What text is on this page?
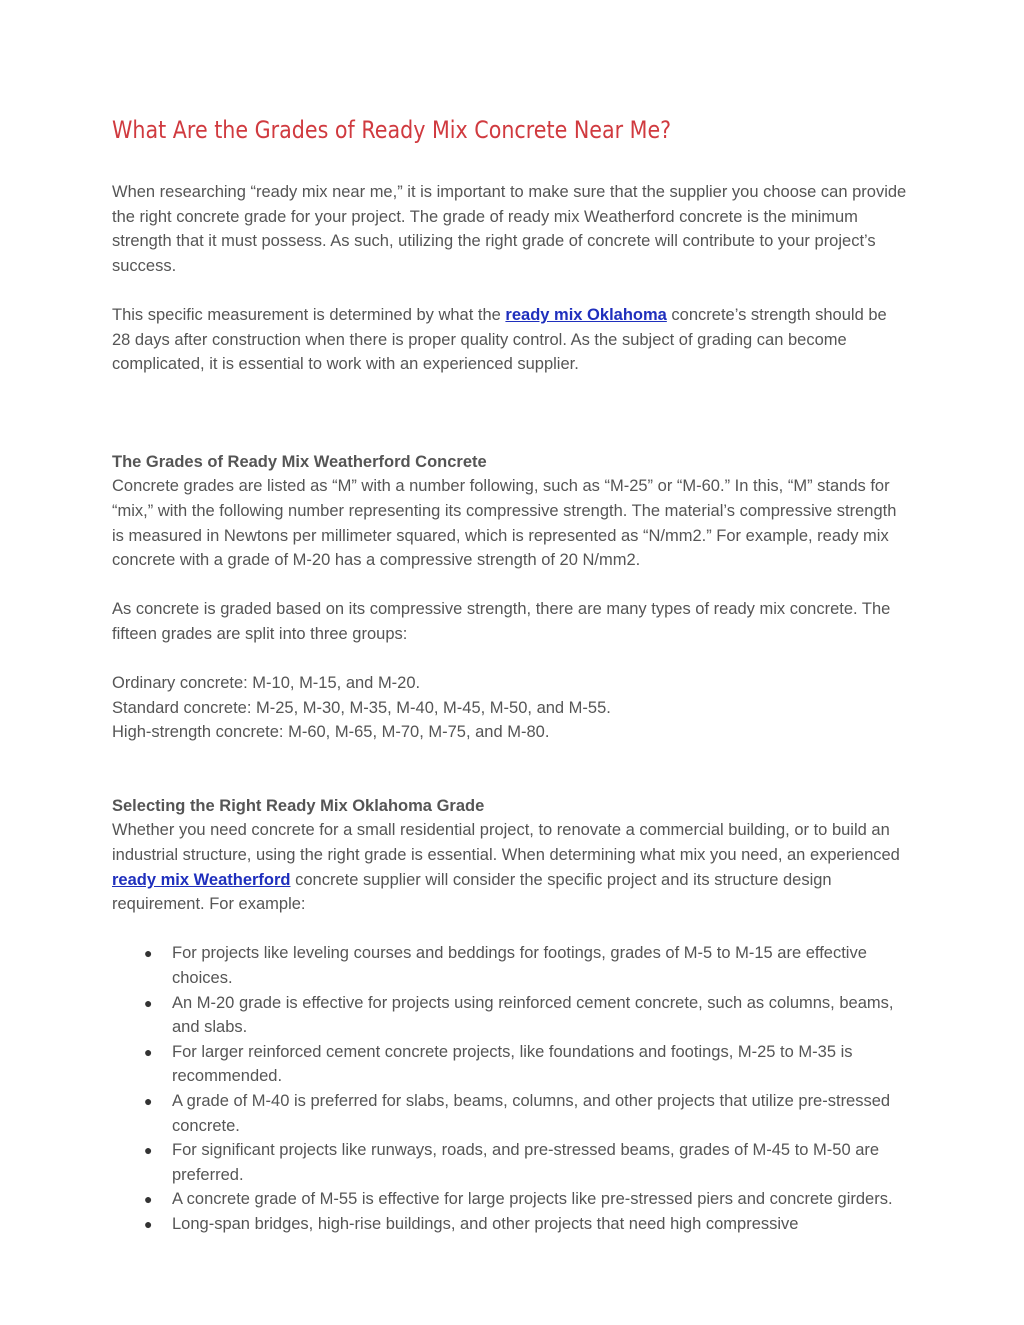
What Are the Grades of Ready Mix Concrete Near Me?

When researching “ready mix near me,” it is important to make sure that the supplier you choose can provide the right concrete grade for your project. The grade of ready mix Weatherford concrete is the minimum strength that it must possess. As such, utilizing the right grade of concrete will contribute to your project’s success.

This specific measurement is determined by what the ready mix Oklahoma concrete’s strength should be 28 days after construction when there is proper quality control. As the subject of grading can become complicated, it is essential to work with an experienced supplier.

The Grades of Ready Mix Weatherford Concrete

Concrete grades are listed as “M” with a number following, such as “M-25” or “M-60.” In this, “M” stands for “mix,” with the following number representing its compressive strength. The material’s compressive strength is measured in Newtons per millimeter squared, which is represented as “N/mm2.” For example, ready mix concrete with a grade of M-20 has a compressive strength of 20 N/mm2.

As concrete is graded based on its compressive strength, there are many types of ready mix concrete. The fifteen grades are split into three groups:

Ordinary concrete: M-10, M-15, and M-20.

Standard concrete: M-25, M-30, M-35, M-40, M-45, M-50, and M-55.

High-strength concrete: M-60, M-65, M-70, M-75, and M-80.

Selecting the Right Ready Mix Oklahoma Grade

Whether you need concrete for a small residential project, to renovate a commercial building, or to build an industrial structure, using the right grade is essential. When determining what mix you need, an experienced ready mix Weatherford concrete supplier will consider the specific project and its structure design requirement. For example:

● For projects like leveling courses and beddings for footings, grades of M-5 to M-15 are effective choices.
● An M-20 grade is effective for projects using reinforced cement concrete, such as columns, beams, and slabs.
● For larger reinforced cement concrete projects, like foundations and footings, M-25 to M-35 is recommended.
● A grade of M-40 is preferred for slabs, beams, columns, and other projects that utilize pre-stressed concrete.
● For significant projects like runways, roads, and pre-stressed beams, grades of M-45 to M-50 are preferred.
● A concrete grade of M-55 is effective for large projects like pre-stressed piers and concrete girders.
● Long-span bridges, high-rise buildings, and other projects that need high compressive
